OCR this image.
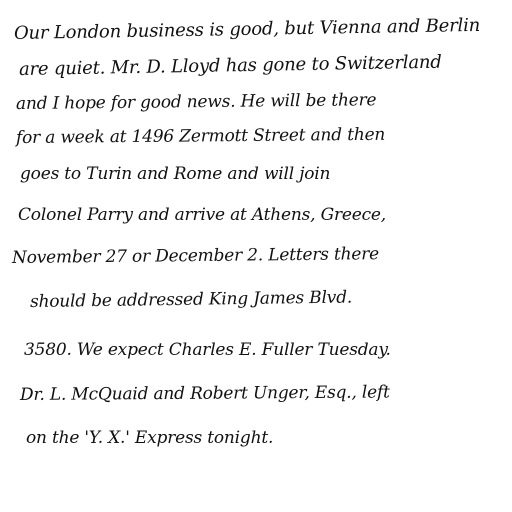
Our London business is good, but Vienna and Berlin
are quiet. Mr. D. Lloyd has gone to Switzerland
and I hope for good news. He will be there
for a week at 1496 Zermott Street and then
goes to Turin and Rome and will join
Colonel Parry and arrive at Athens, Greece,
November 27 or December 2. Letters there
should be addressed King James Blvd.
3580. We expect Charles E. Fuller Tuesday.
Dr. L. McQuaid and Robert Unger, Esq., left
on the 'Y. X.' Express tonight.
